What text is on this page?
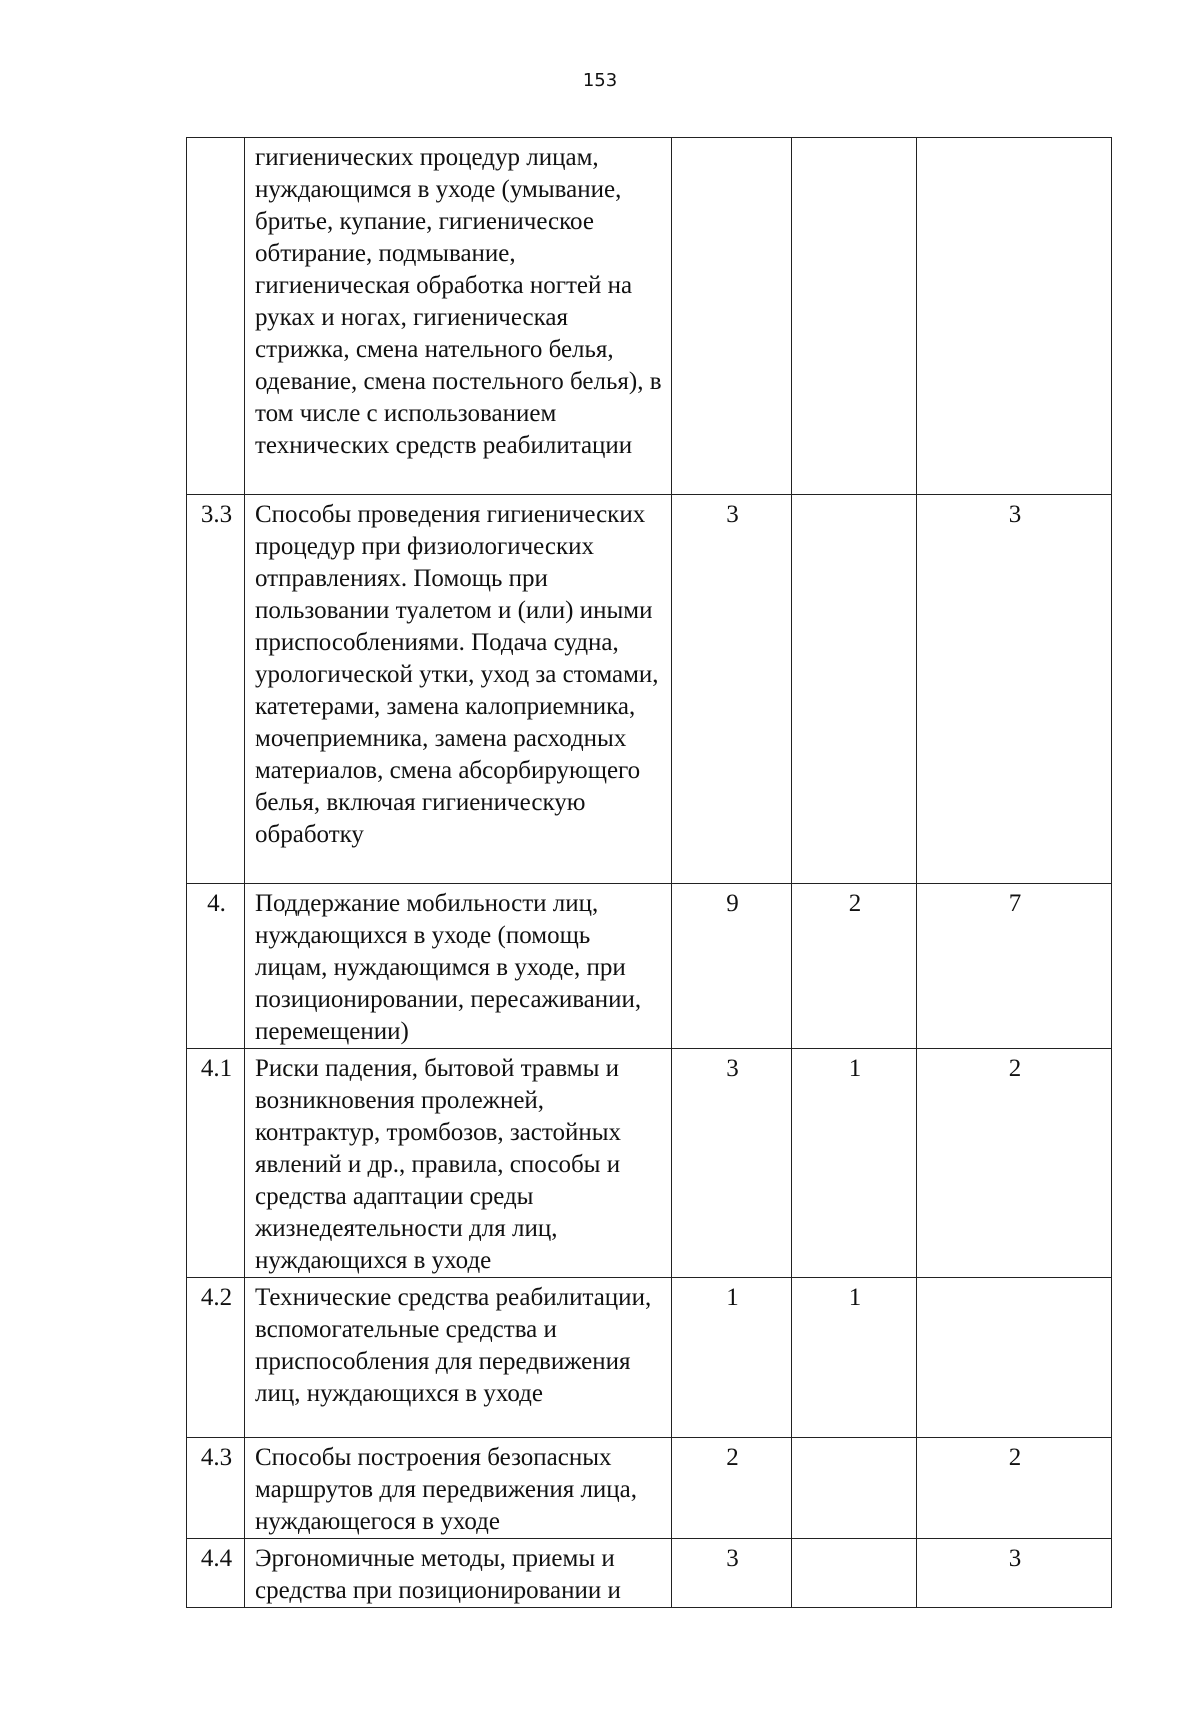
153
	гигиенических процедур лицам, нуждающимся в уходе (умывание, бритье, купание, гигиеническое обтирание, подмывание, гигиеническая обработка ногтей на руках и ногах, гигиеническая стрижка, смена нательного белья, одевание, смена постельного белья), в том числе с использованием технических средств реабилитации			
3.3	Способы проведения гигиенических процедур при физиологических отправлениях. Помощь при пользовании туалетом и (или) иными приспособлениями. Подача судна, урологической утки, уход за стомами, катетерами, замена калоприемника, мочеприемника, замена расходных материалов, смена абсорбирующего белья, включая гигиеническую обработку	3		3
4.	Поддержание мобильности лиц, нуждающихся в уходе (помощь лицам, нуждающимся в уходе, при позиционировании, пересаживании, перемещении)	9	2	7
4.1	Риски падения, бытовой травмы и возникновения пролежней, контрактур, тромбозов, застойных явлений и др., правила, способы и средства адаптации среды жизнедеятельности для лиц, нуждающихся в уходе	3	1	2
4.2	Технические средства реабилитации, вспомогательные средства и приспособления для передвижения лиц, нуждающихся в уходе	1	1	
4.3	Способы построения безопасных маршрутов для передвижения лица, нуждающегося в уходе	2		2
4.4	Эргономичные методы, приемы и средства при позиционировании и	3		3
